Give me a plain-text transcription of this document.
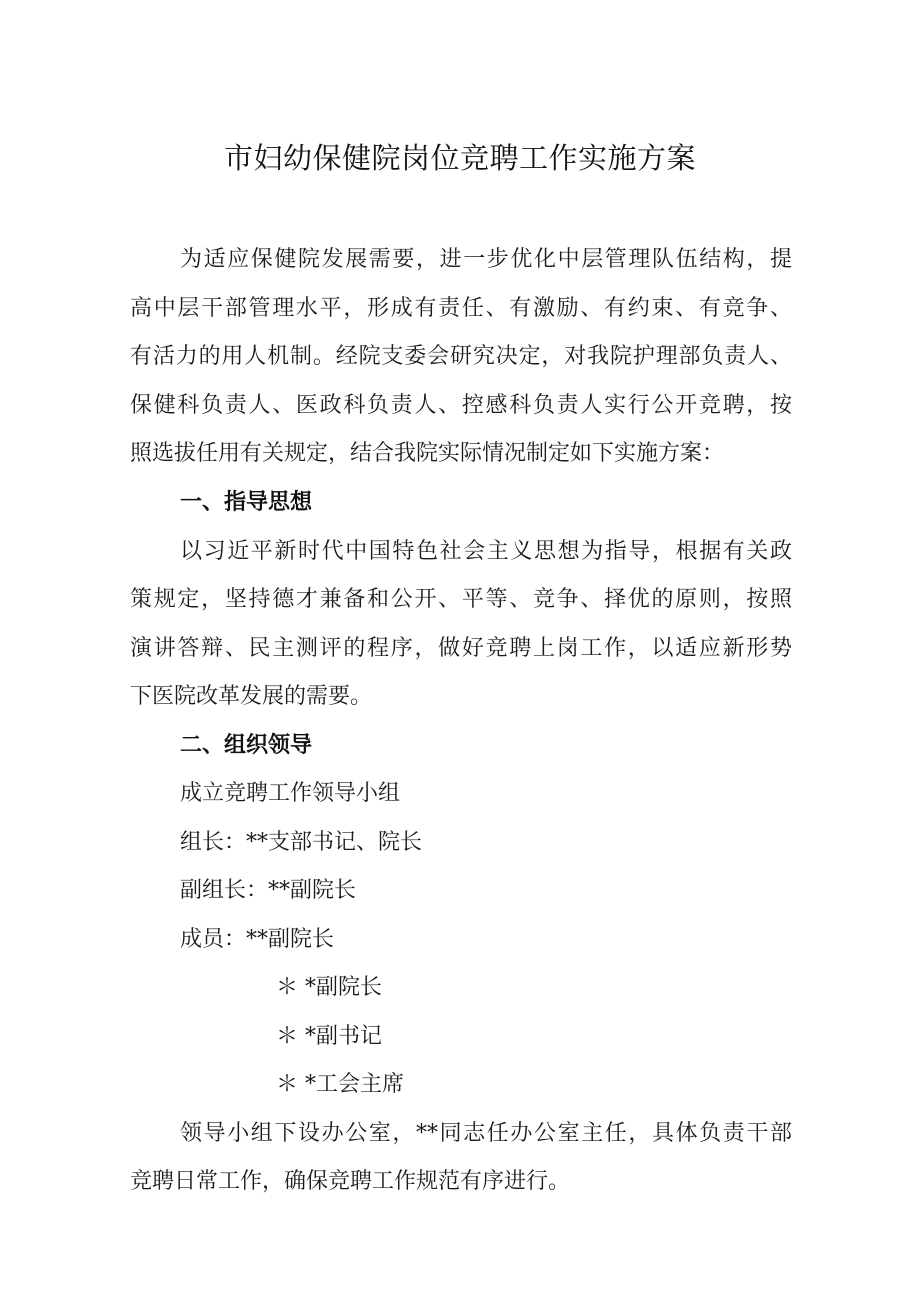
市妇幼保健院岗位竞聘工作实施方案
为适应保健院发展需要，进一步优化中层管理队伍结构，提
高中层干部管理水平，形成有责任、有激励、有约束、有竞争、
有活力的用人机制。经院支委会研究决定，对我院护理部负责人、
保健科负责人、医政科负责人、控感科负责人实行公开竞聘，按
照选拔任用有关规定，结合我院实际情况制定如下实施方案：
一、指导思想
以习近平新时代中国特色社会主义思想为指导，根据有关政
策规定，坚持德才兼备和公开、平等、竞争、择优的原则，按照
演讲答辩、民主测评的程序，做好竞聘上岗工作，以适应新形势
下医院改革发展的需要。
二、组织领导
成立竞聘工作领导小组
组长：**支部书记、院长
副组长：**副院长
成员：**副院长
＊ *副院长
＊ *副书记
＊ *工会主席
领导小组下设办公室，**同志任办公室主任，具体负责干部
竞聘日常工作，确保竞聘工作规范有序进行。
